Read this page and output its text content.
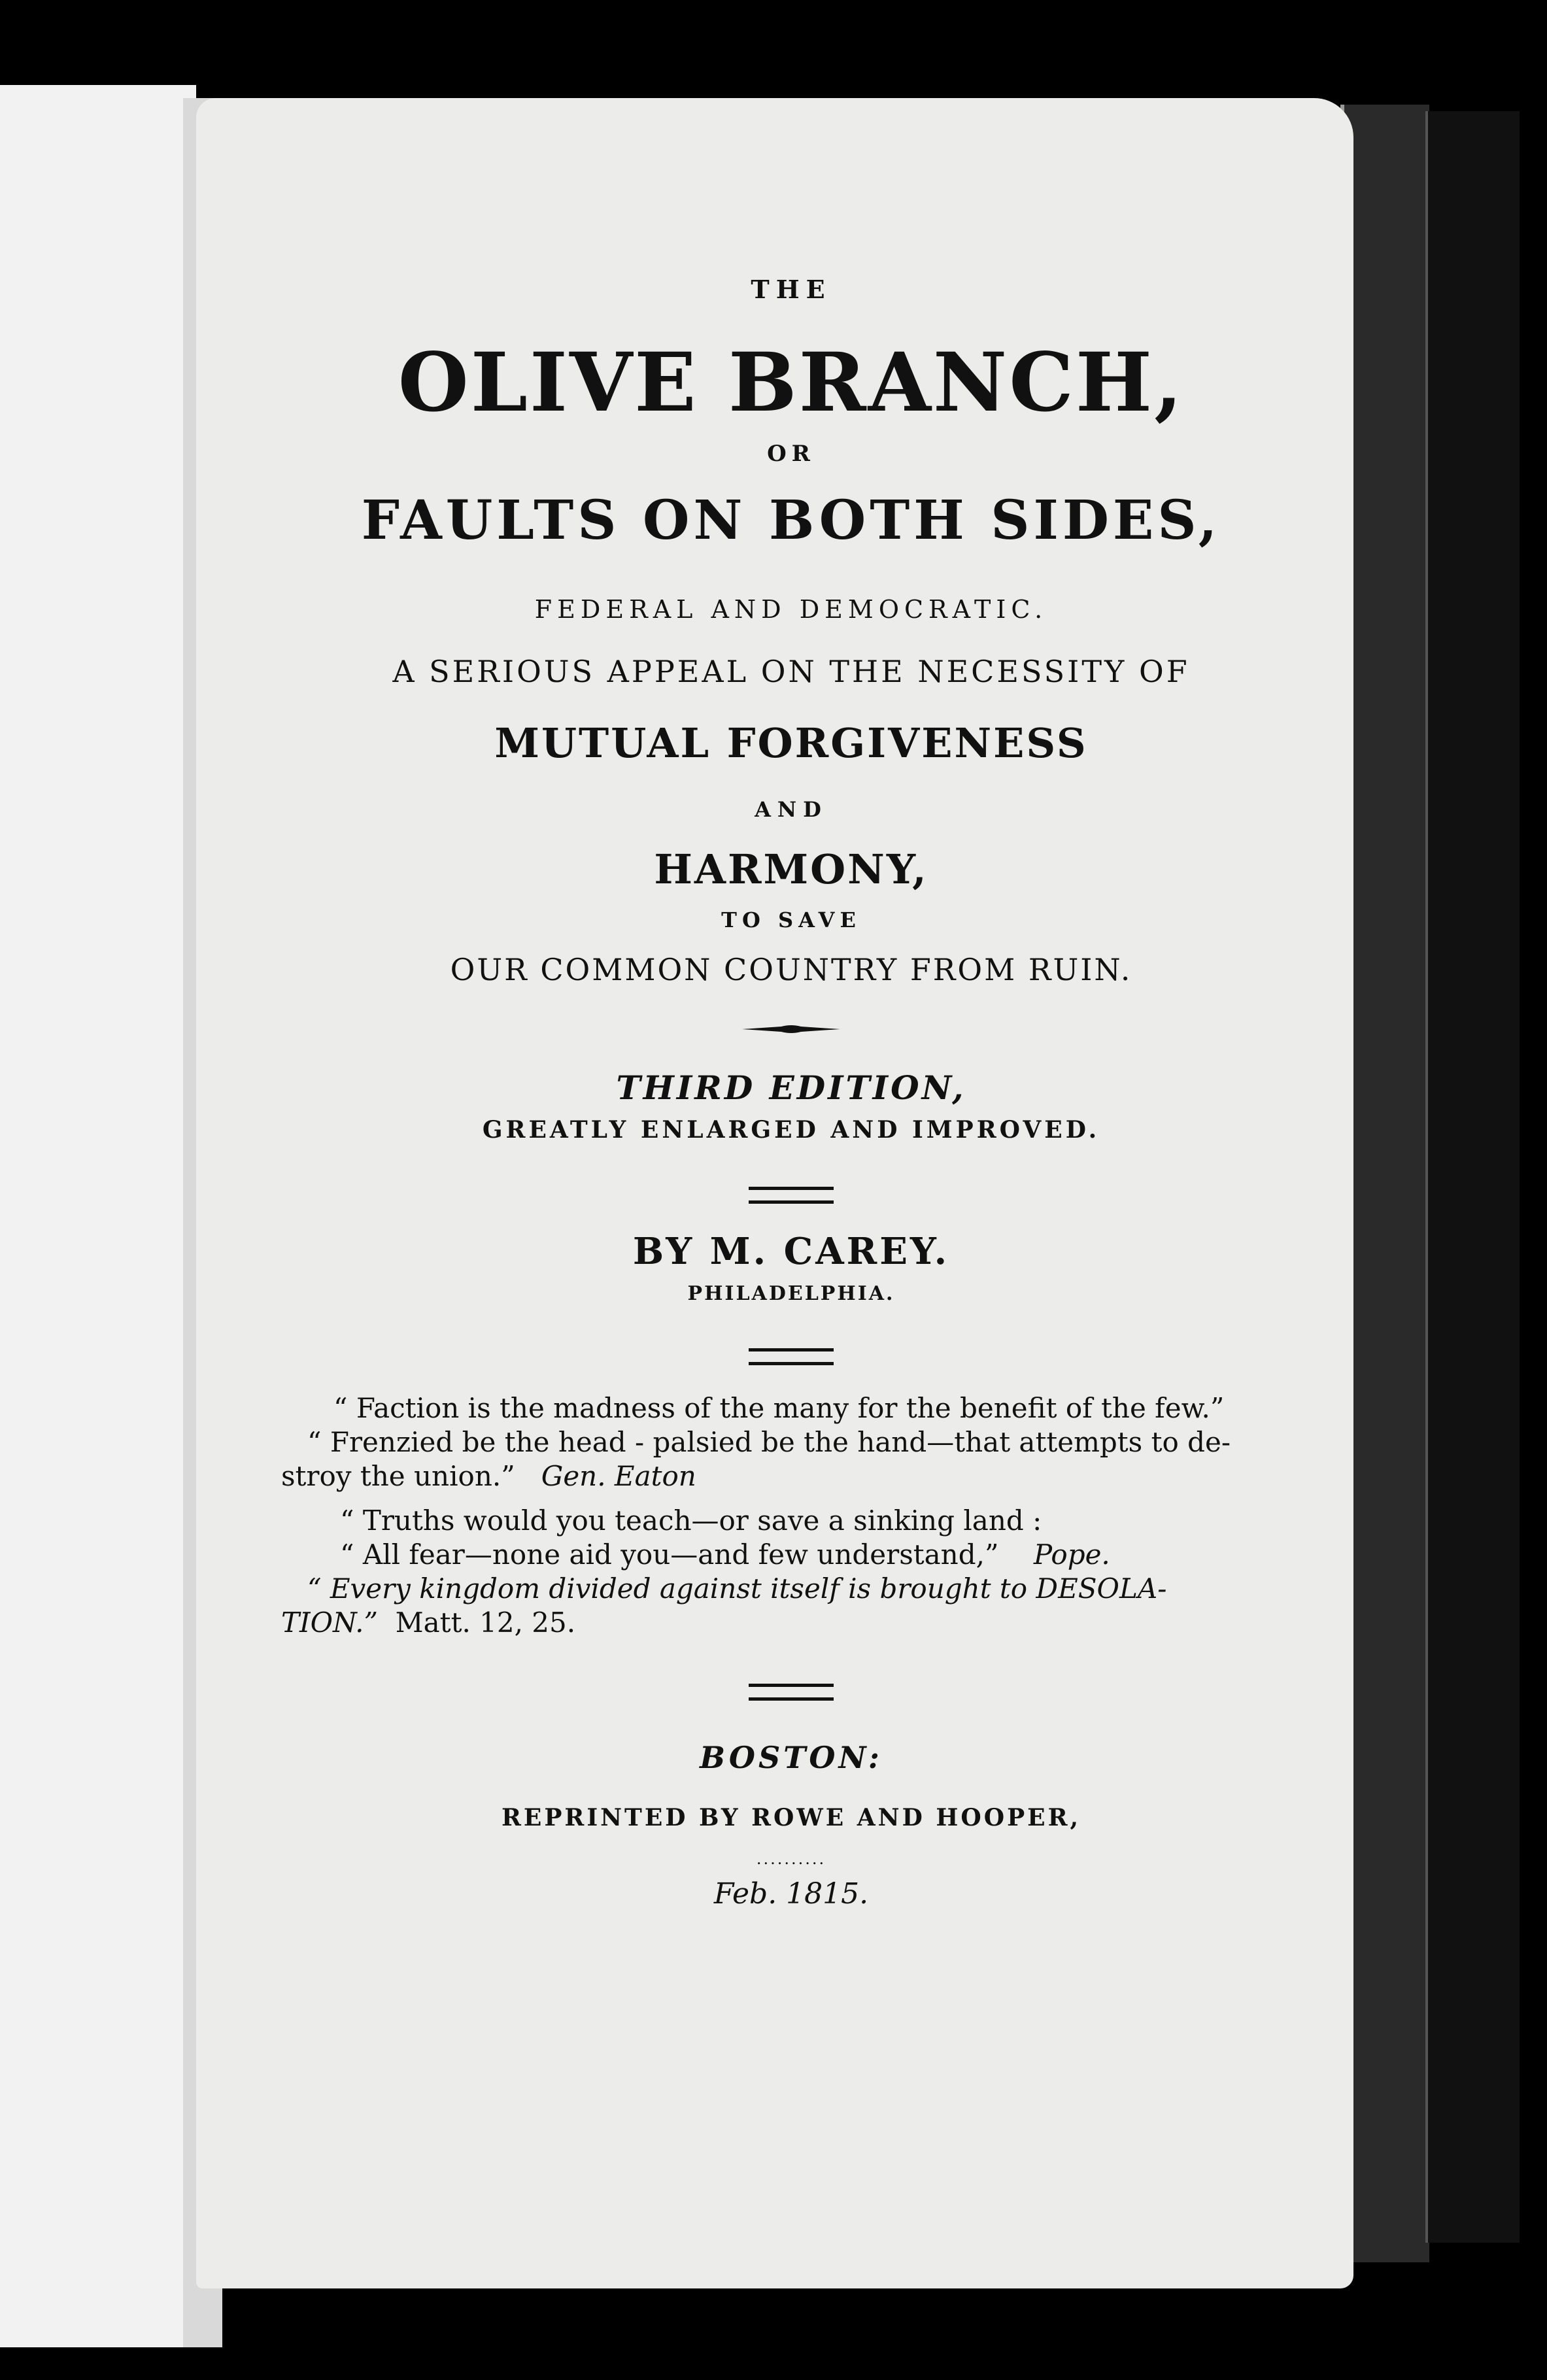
THE
OLIVE BRANCH,
OR
FAULTS ON BOTH SIDES,
FEDERAL AND DEMOCRATIC.
A SERIOUS APPEAL ON THE NECESSITY OF
MUTUAL FORGIVENESS
AND
HARMONY,
TO SAVE
OUR COMMON COUNTRY FROM RUIN.
THIRD EDITION,
GREATLY ENLARGED AND IMPROVED.
BY M. CAREY.
PHILADELPHIA.
“ Faction is the madness of the many for the benefit of the few.”
“ Frenzied be the head - palsied be the hand—that attempts to de-
stroy the union.” Gen. Eaton
“ Truths would you teach—or save a sinking land :
“ All fear—none aid you—and few understand,” Pope.
“ Every kingdom divided against itself is brought to DESOLA-
TION.” Matt. 12, 25.
BOSTON:
REPRINTED BY ROWE AND HOOPER,
..........
Feb. 1815.
